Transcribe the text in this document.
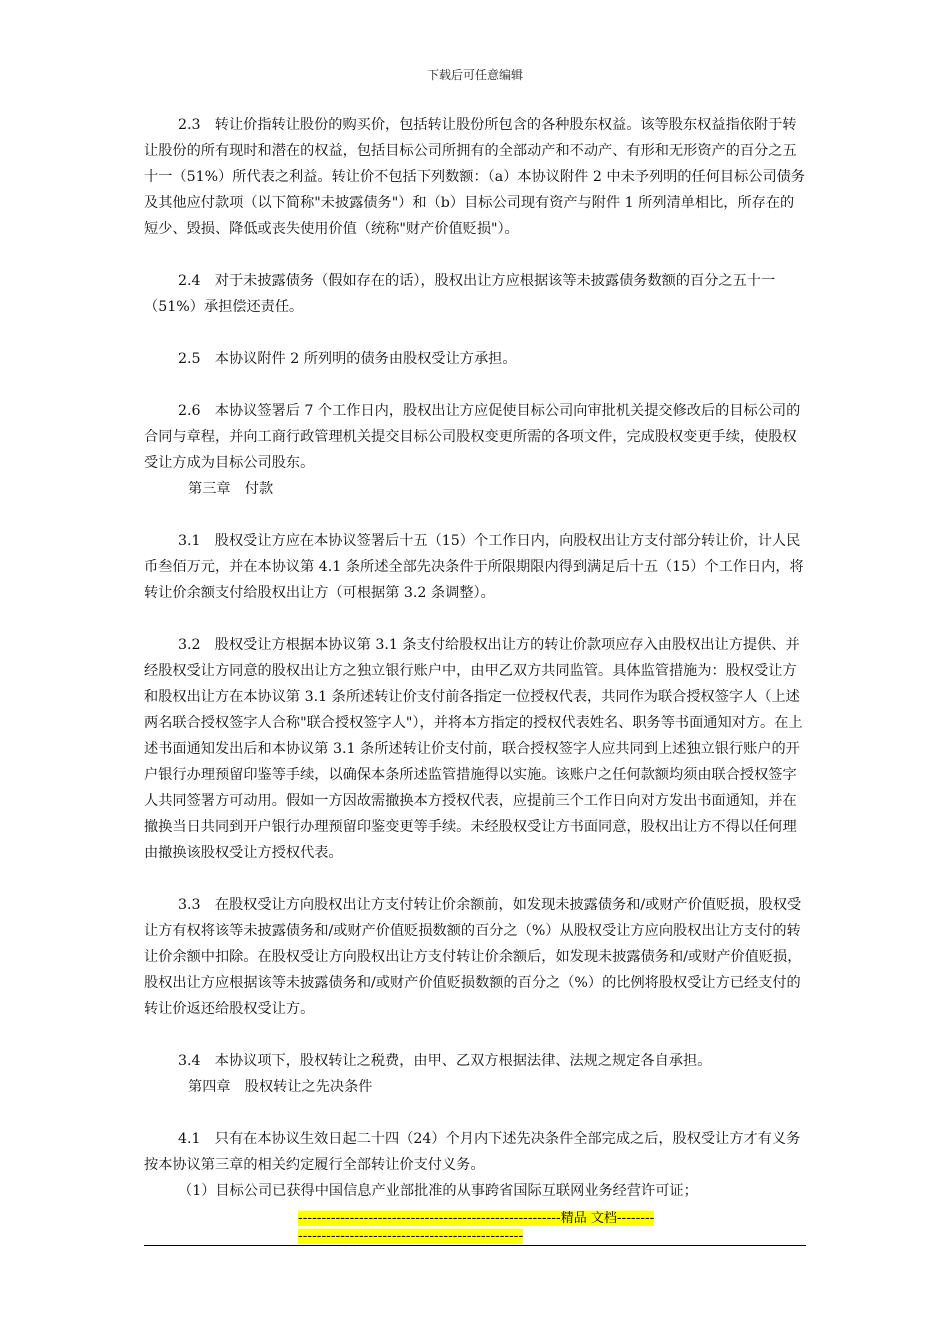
下载后可任意编辑

2.3　转让价指转让股份的购买价，包括转让股份所包含的各种股东权益。该等股东权益指依附于转让股份的所有现时和潜在的权益，包括目标公司所拥有的全部动产和不动产、有形和无形资产的百分之五十一（51%）所代表之利益。转让价不包括下列数额：（a）本协议附件 2 中未予列明的任何目标公司债务及其他应付款项（以下简称"未披露债务"）和（b）目标公司现有资产与附件 1 所列清单相比，所存在的短少、毁损、降低或丧失使用价值（统称"财产价值贬损"）。

2.4　对于未披露债务（假如存在的话），股权出让方应根据该等未披露债务数额的百分之五十一（51%）承担偿还责任。

2.5　本协议附件 2 所列明的债务由股权受让方承担。

2.6　本协议签署后 7 个工作日内，股权出让方应促使目标公司向审批机关提交修改后的目标公司的合同与章程，并向工商行政管理机关提交目标公司股权变更所需的各项文件，完成股权变更手续，使股权受让方成为目标公司股东。

第三章　付款

3.1　股权受让方应在本协议签署后十五（15）个工作日内，向股权出让方支付部分转让价，计人民币叁佰万元，并在本协议第 4.1 条所述全部先决条件于所限期限内得到满足后十五（15）个工作日内，将转让价余额支付给股权出让方（可根据第 3.2 条调整）。

3.2　股权受让方根据本协议第 3.1 条支付给股权出让方的转让价款项应存入由股权出让方提供、并经股权受让方同意的股权出让方之独立银行账户中，由甲乙双方共同监管。具体监管措施为：股权受让方和股权出让方在本协议第 3.1 条所述转让价支付前各指定一位授权代表，共同作为联合授权签字人（上述两名联合授权签字人合称"联合授权签字人"），并将本方指定的授权代表姓名、职务等书面通知对方。在上述书面通知发出后和本协议第 3.1 条所述转让价支付前，联合授权签字人应共同到上述独立银行账户的开户银行办理预留印鉴等手续，以确保本条所述监管措施得以实施。该账户之任何款额均须由联合授权签字人共同签署方可动用。假如一方因故需撤换本方授权代表，应提前三个工作日向对方发出书面通知，并在撤换当日共同到开户银行办理预留印鉴变更等手续。未经股权受让方书面同意，股权出让方不得以任何理由撤换该股权受让方授权代表。

3.3　在股权受让方向股权出让方支付转让价余额前，如发现未披露债务和/或财产价值贬损，股权受让方有权将该等未披露债务和/或财产价值贬损数额的百分之（%）从股权受让方应向股权出让方支付的转让价余额中扣除。在股权受让方向股权出让方支付转让价余额后，如发现未披露债务和/或财产价值贬损，股权出让方应根据该等未披露债务和/或财产价值贬损数额的百分之（%）的比例将股权受让方已经支付的转让价返还给股权受让方。

3.4　本协议项下，股权转让之税费，由甲、乙双方根据法律、法规之规定各自承担。

第四章　股权转让之先决条件

4.1　只有在本协议生效日起二十四（24）个月内下述先决条件全部完成之后，股权受让方才有义务按本协议第三章的相关约定履行全部转让价支付义务。

（1）目标公司已获得中国信息产业部批准的从事跨省国际互联网业务经营许可证；

--------------------------------------------------------精品 文档--------------------------------------------------------
